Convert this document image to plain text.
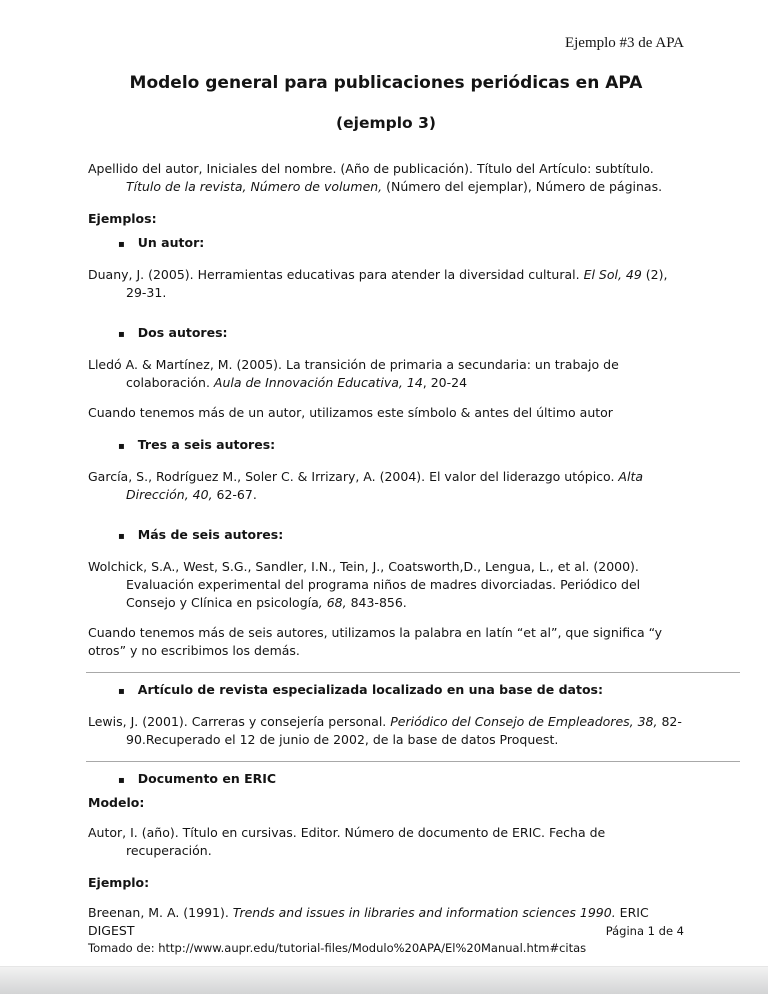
Ejemplo #3 de APA
Modelo general para publicaciones periódicas en APA
(ejemplo 3)

Apellido del autor, Iniciales del nombre. (Año de publicación). Título del Artículo: subtítulo. Título de la revista, Número de volumen, (Número del ejemplar), Número de páginas.

Ejemplos:

▪ Un autor:

Duany, J. (2005). Herramientas educativas para atender la diversidad cultural. El Sol, 49 (2), 29-31.

▪ Dos autores:

Lledó A. & Martínez, M. (2005). La transición de primaria a secundaria: un trabajo de colaboración. Aula de Innovación Educativa, 14, 20-24

Cuando tenemos más de un autor, utilizamos este símbolo & antes del último autor

▪ Tres a seis autores:

García, S., Rodríguez M., Soler C. & Irrizary, A. (2004). El valor del liderazgo utópico. Alta Dirección, 40, 62-67.

▪ Más de seis autores:

Wolchick, S.A., West, S.G., Sandler, I.N., Tein, J., Coatsworth,D., Lengua, L., et al. (2000). Evaluación experimental del programa niños de madres divorciadas. Periódico del Consejo y Clínica en psicología, 68, 843-856.

Cuando tenemos más de seis autores, utilizamos la palabra en latín “et al”, que significa “y otros” y no escribimos los demás.

▪ Artículo de revista especializada localizado en una base de datos:

Lewis, J. (2001). Carreras y consejería personal. Periódico del Consejo de Empleadores, 38, 82-90.Recuperado el 12 de junio de 2002, de la base de datos Proquest.

▪ Documento en ERIC

Modelo:

Autor, I. (año). Título en cursivas. Editor. Número de documento de ERIC. Fecha de recuperación.

Ejemplo:

Breenan, M. A. (1991). Trends and issues in libraries and information sciences 1990. ERIC DIGEST	Página 1 de 4
Tomado de: http://www.aupr.edu/tutorial-files/Modulo%20APA/El%20Manual.htm#citas
